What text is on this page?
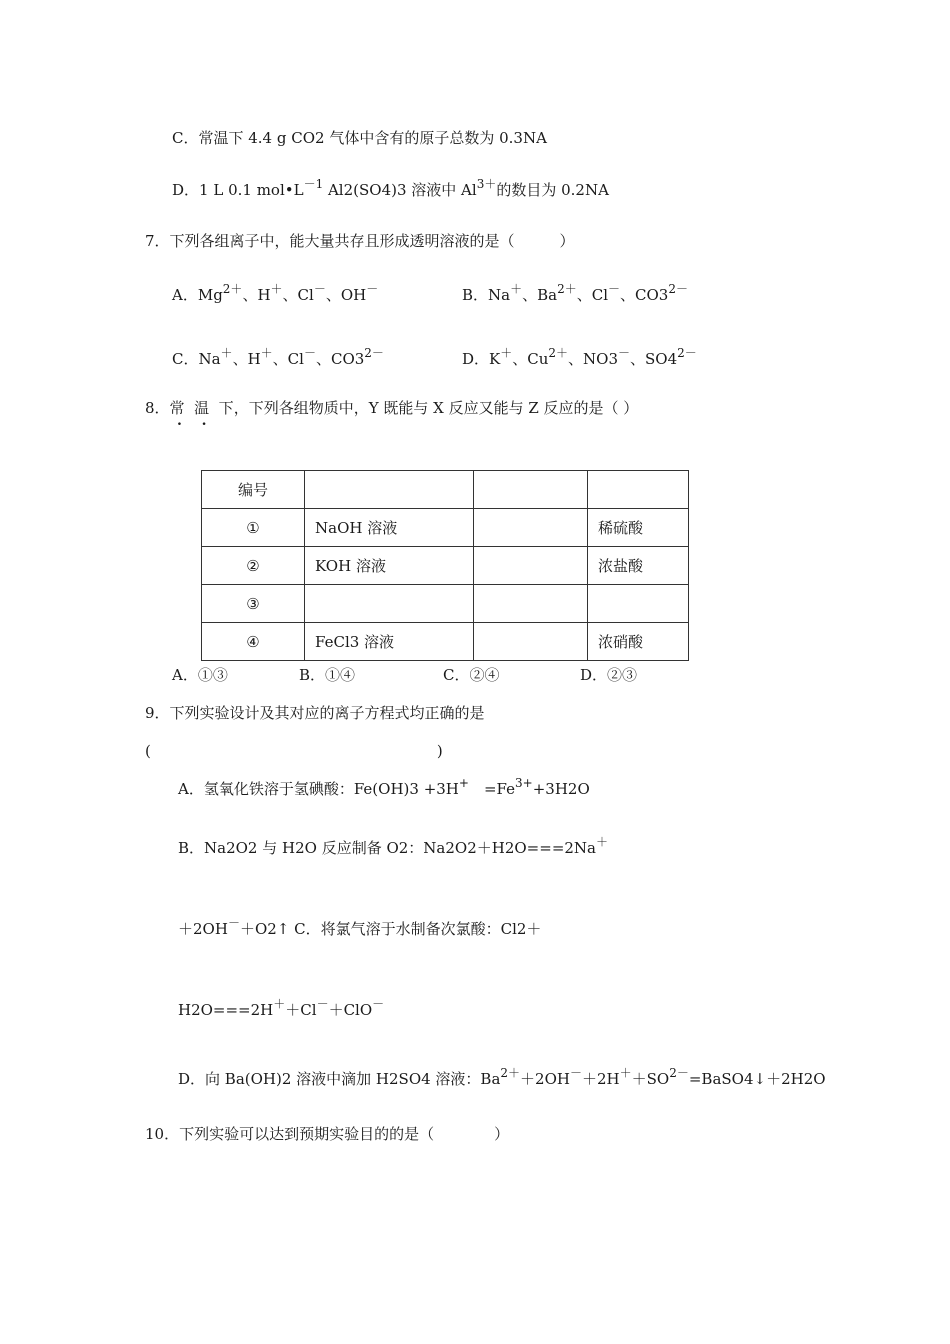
C．常温下 4.4 g CO2 气体中含有的原子总数为 0.3NA
D．1 L 0.1 $mol•L^{-1}$ Al2(SO4)3 溶液中 $Al^{3+}$的数目为 0.2NA
7．下列各组离子中，能大量共存且形成透明溶液的是（　　　）
A．$Mg^{2+}$、H＋、Cl－、OH－	B．Na＋、$Ba^{2+}$、Cl－、$CO3^{2-}$
C．Na＋、H＋、Cl－、$CO3^{2-}$	D．K＋、$Cu^{2+}$、NO3－、$SO4^{2-}$
8．常 温 下，下列各组物质中，Y 既能与 X 反应又能与 Z 反应的是（ ）
编号			
①	NaOH 溶液		稀硫酸
②	KOH 溶液		浓盐酸
③			
④	FeCl3 溶液		浓硝酸
A．①③	B．①④	C．②④	D．②③
9．下列实验设计及其对应的离子方程式均正确的是
(                                                            )
A．氢氧化铁溶于氢碘酸：Fe(OH)3 +3H+　$=Fe^{3+}+3H2O$
B．Na2O2 与 H2O 反应制备 O2：Na2O2＋H2O===2Na＋
＋2OH－＋O2↑ C．将氯气溶于水制备次氯酸：Cl2＋
H2O===2H＋＋Cl－＋ClO－
D．向 Ba(OH)2 溶液中滴加 H2SO4 溶液：$Ba^{2+}+2OH^-+2H^++SO^{2-}=BaSO4↓+2H2O$
10．下列实验可以达到预期实验目的的是（　　　　）
